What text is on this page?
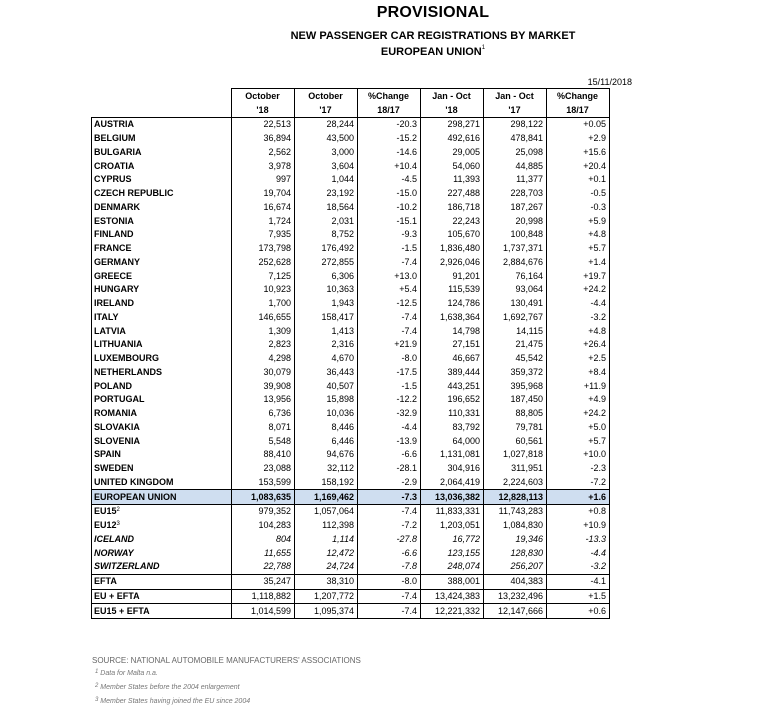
PROVISIONAL
NEW PASSENGER CAR REGISTRATIONS BY MARKET
EUROPEAN UNION$^1$
15/11/2018
	October	October	%Change	Jan - Oct	Jan - Oct	%Change
	'18	'17	18/17	'18	'17	18/17
AUSTRIA	22,513	28,244	-20.3	298,271	298,122	+0.05
BELGIUM	36,894	43,500	-15.2	492,616	478,841	+2.9
BULGARIA	2,562	3,000	-14.6	29,005	25,098	+15.6
CROATIA	3,978	3,604	+10.4	54,060	44,885	+20.4
CYPRUS	997	1,044	-4.5	11,393	11,377	+0.1
CZECH REPUBLIC	19,704	23,192	-15.0	227,488	228,703	-0.5
DENMARK	16,674	18,564	-10.2	186,718	187,267	-0.3
ESTONIA	1,724	2,031	-15.1	22,243	20,998	+5.9
FINLAND	7,935	8,752	-9.3	105,670	100,848	+4.8
FRANCE	173,798	176,492	-1.5	1,836,480	1,737,371	+5.7
GERMANY	252,628	272,855	-7.4	2,926,046	2,884,676	+1.4
GREECE	7,125	6,306	+13.0	91,201	76,164	+19.7
HUNGARY	10,923	10,363	+5.4	115,539	93,064	+24.2
IRELAND	1,700	1,943	-12.5	124,786	130,491	-4.4
ITALY	146,655	158,417	-7.4	1,638,364	1,692,767	-3.2
LATVIA	1,309	1,413	-7.4	14,798	14,115	+4.8
LITHUANIA	2,823	2,316	+21.9	27,151	21,475	+26.4
LUXEMBOURG	4,298	4,670	-8.0	46,667	45,542	+2.5
NETHERLANDS	30,079	36,443	-17.5	389,444	359,372	+8.4
POLAND	39,908	40,507	-1.5	443,251	395,968	+11.9
PORTUGAL	13,956	15,898	-12.2	196,652	187,450	+4.9
ROMANIA	6,736	10,036	-32.9	110,331	88,805	+24.2
SLOVAKIA	8,071	8,446	-4.4	83,792	79,781	+5.0
SLOVENIA	5,548	6,446	-13.9	64,000	60,561	+5.7
SPAIN	88,410	94,676	-6.6	1,131,081	1,027,818	+10.0
SWEDEN	23,088	32,112	-28.1	304,916	311,951	-2.3
UNITED KINGDOM	153,599	158,192	-2.9	2,064,419	2,224,603	-7.2
EUROPEAN UNION	1,083,635	1,169,462	-7.3	13,036,382	12,828,113	+1.6
$EU15^2$	979,352	1,057,064	-7.4	11,833,331	11,743,283	+0.8
$EU12^3$	104,283	112,398	-7.2	1,203,051	1,084,830	+10.9
ICELAND	804	1,114	-27.8	16,772	19,346	-13.3
NORWAY	11,655	12,472	-6.6	123,155	128,830	-4.4
SWITZERLAND	22,788	24,724	-7.8	248,074	256,207	-3.2
EFTA	35,247	38,310	-8.0	388,001	404,383	-4.1
EU + EFTA	1,118,882	1,207,772	-7.4	13,424,383	13,232,496	+1.5
EU15 + EFTA	1,014,599	1,095,374	-7.4	12,221,332	12,147,666	+0.6
SOURCE: NATIONAL AUTOMOBILE MANUFACTURERS' ASSOCIATIONS
1 Data for Malta n.a.
2 Member States before the 2004 enlargement
3 Member States having joined the EU since 2004
